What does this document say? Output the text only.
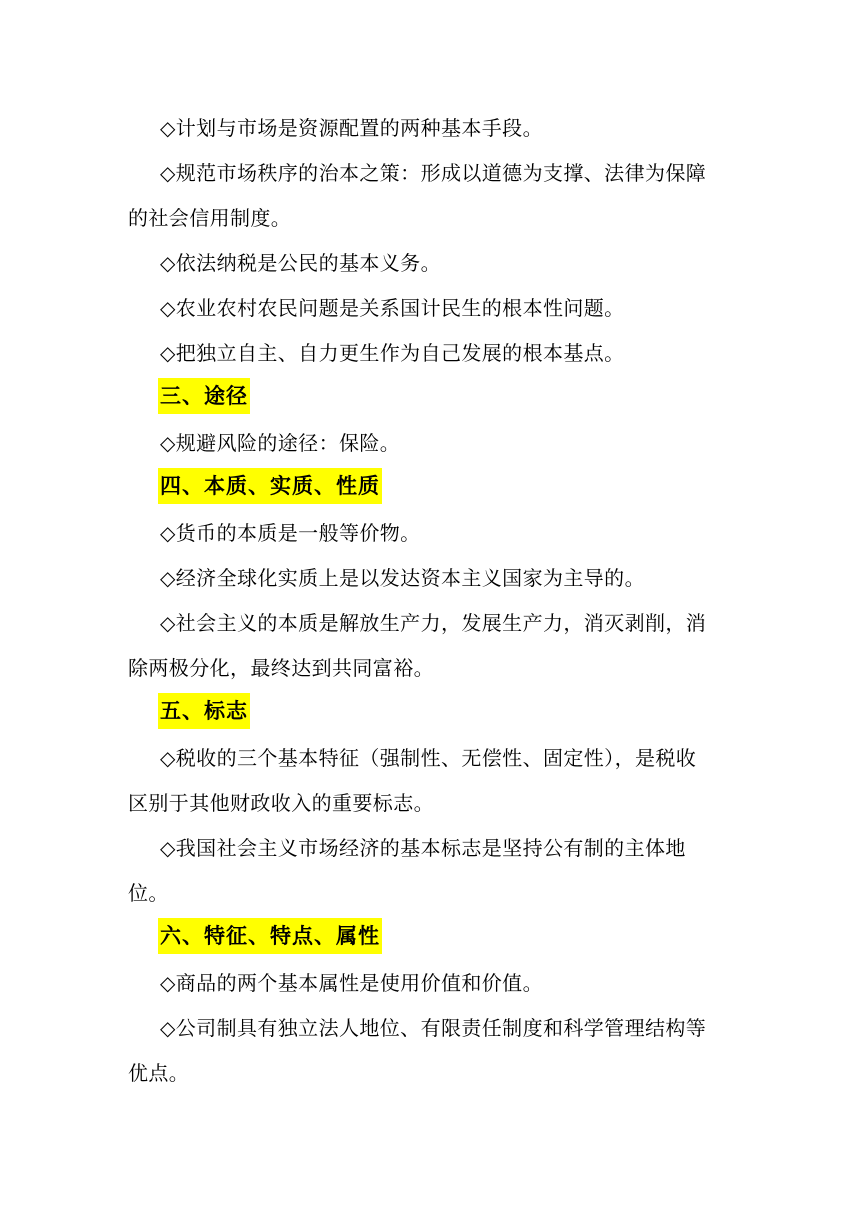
◇计划与市场是资源配置的两种基本手段。
◇规范市场秩序的治本之策：形成以道德为支撑、法律为保障
的社会信用制度。
◇依法纳税是公民的基本义务。
◇农业农村农民问题是关系国计民生的根本性问题。
◇把独立自主、自力更生作为自己发展的根本基点。
三、途径
◇规避风险的途径：保险。
四、本质、实质、性质
◇货币的本质是一般等价物。
◇经济全球化实质上是以发达资本主义国家为主导的。
◇社会主义的本质是解放生产力，发展生产力，消灭剥削，消
除两极分化，最终达到共同富裕。
五、标志
◇税收的三个基本特征（强制性、无偿性、固定性），是税收
区别于其他财政收入的重要标志。
◇我国社会主义市场经济的基本标志是坚持公有制的主体地
位。
六、特征、特点、属性
◇商品的两个基本属性是使用价值和价值。
◇公司制具有独立法人地位、有限责任制度和科学管理结构等
优点。
